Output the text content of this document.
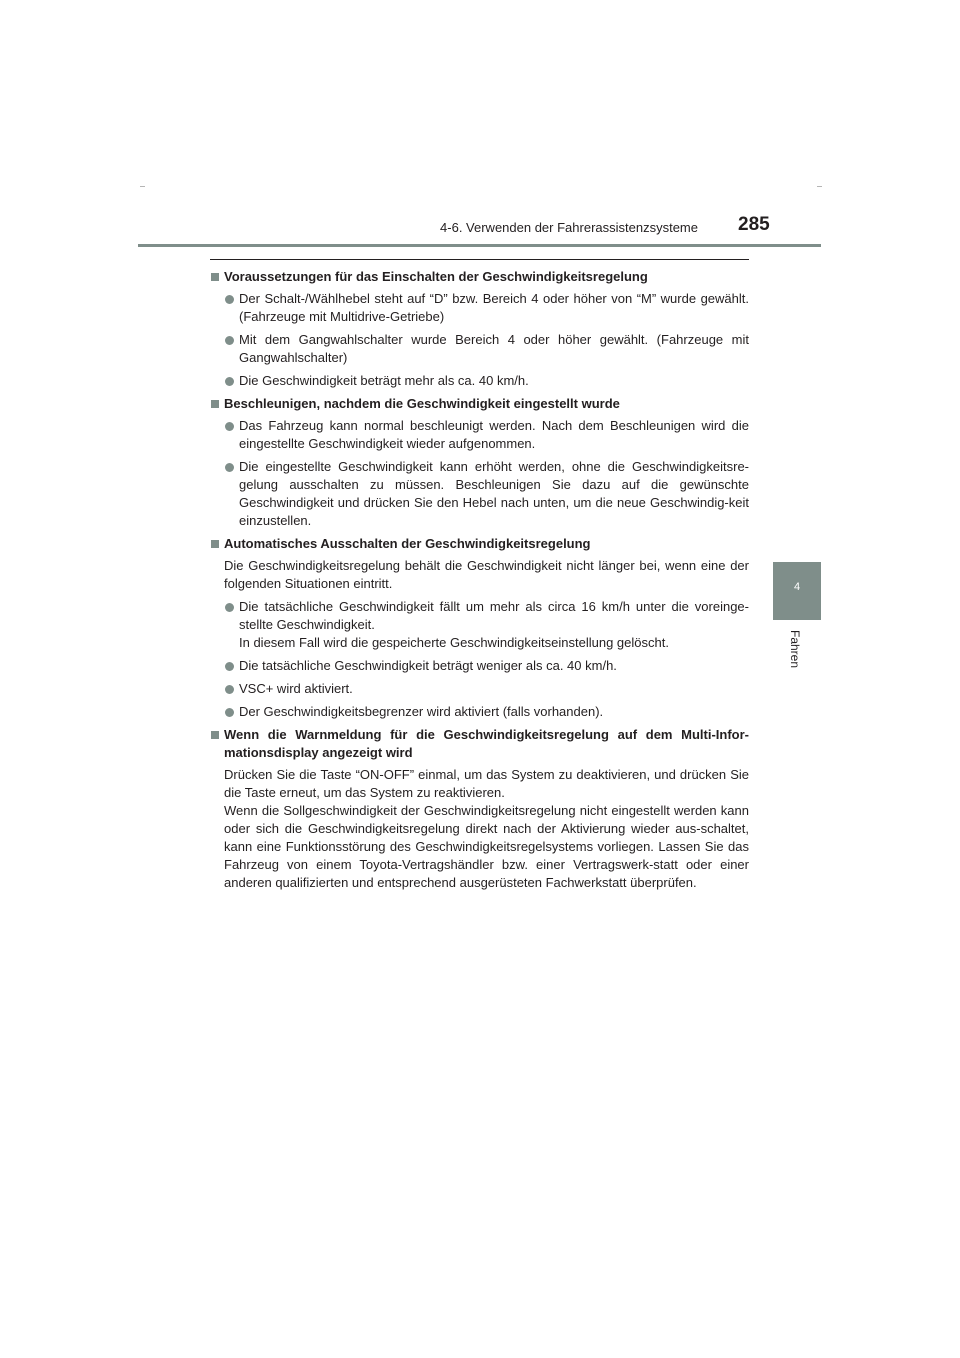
4-6. Verwenden der Fahrerassistenzsysteme 285
4
Fahren
Voraussetzungen für das Einschalten der Geschwindigkeitsregelung
Der Schalt-/Wählhebel steht auf “D” bzw. Bereich 4 oder höher von “M” wurde gewählt. (Fahrzeuge mit Multidrive-Getriebe)
Mit dem Gangwahlschalter wurde Bereich 4 oder höher gewählt. (Fahrzeuge mit Gangwahlschalter)
Die Geschwindigkeit beträgt mehr als ca. 40 km/h.
Beschleunigen, nachdem die Geschwindigkeit eingestellt wurde
Das Fahrzeug kann normal beschleunigt werden. Nach dem Beschleunigen wird die eingestellte Geschwindigkeit wieder aufgenommen.
Die eingestellte Geschwindigkeit kann erhöht werden, ohne die Geschwindigkeitsre-gelung ausschalten zu müssen. Beschleunigen Sie dazu auf die gewünschte Geschwindigkeit und drücken Sie den Hebel nach unten, um die neue Geschwindig-keit einzustellen.
Automatisches Ausschalten der Geschwindigkeitsregelung
Die Geschwindigkeitsregelung behält die Geschwindigkeit nicht länger bei, wenn eine der folgenden Situationen eintritt.
Die tatsächliche Geschwindigkeit fällt um mehr als circa 16 km/h unter die voreinge-stellte Geschwindigkeit.
In diesem Fall wird die gespeicherte Geschwindigkeitseinstellung gelöscht.
Die tatsächliche Geschwindigkeit beträgt weniger als ca. 40 km/h.
VSC+ wird aktiviert.
Der Geschwindigkeitsbegrenzer wird aktiviert (falls vorhanden).
Wenn die Warnmeldung für die Geschwindigkeitsregelung auf dem Multi-Infor-mationsdisplay angezeigt wird
Drücken Sie die Taste “ON-OFF” einmal, um das System zu deaktivieren, und drücken Sie die Taste erneut, um das System zu reaktivieren.
Wenn die Sollgeschwindigkeit der Geschwindigkeitsregelung nicht eingestellt werden kann oder sich die Geschwindigkeitsregelung direkt nach der Aktivierung wieder aus-schaltet, kann eine Funktionsstörung des Geschwindigkeitsregelsystems vorliegen. Lassen Sie das Fahrzeug von einem Toyota-Vertragshändler bzw. einer Vertragswerk-statt oder einer anderen qualifizierten und entsprechend ausgerüsteten Fachwerkstatt überprüfen.
